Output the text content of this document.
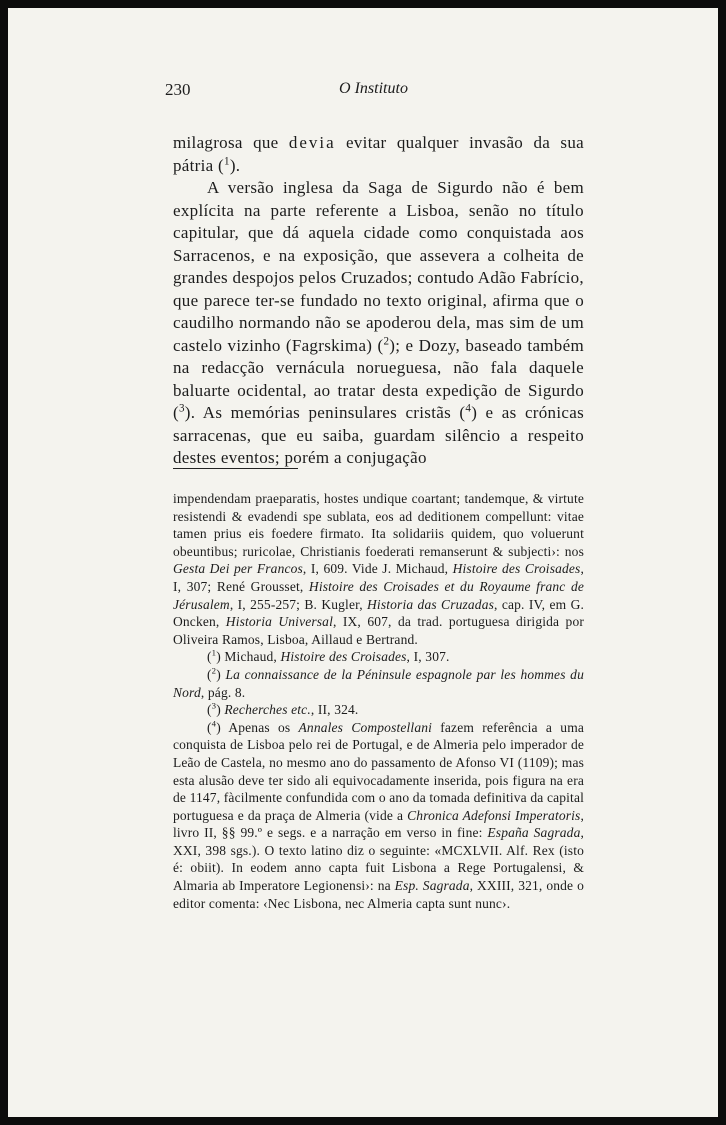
230	O Instituto

milagrosa que devia evitar qualquer invasão da sua pátria ($^1$).

A versão inglesa da Saga de Sigurdo não é bem explícita na parte referente a Lisboa, senão no título capitular, que dá aquela cidade como conquistada aos Sarracenos, e na exposição, que assevera a colheita de grandes despojos pelos Cruzados; contudo Adão Fabrício, que parece ter-se fundado no texto original, afirma que o caudilho normando não se apoderou dela, mas sim de um castelo vizinho (Fagrskima) ($^2$); e Dozy, baseado também na redacção vernácula norueguesa, não fala daquele baluarte ocidental, ao tratar desta expedição de Sigurdo ($^3$). As memórias peninsulares cristãs ($^4$) e as crónicas sarracenas, que eu saiba, guardam silêncio a respeito destes eventos; porém a conjugação

impendendam praeparatis, hostes undique coartant; tandemque, & virtute resistendi & evadendi spe sublata, eos ad deditionem compellunt: vitae tamen prius eis foedere firmato. Ita solidariis quidem, quo voluerunt obeuntibus; ruricolae, Christianis foederati remanserunt & subjecti›: nos Gesta Dei per Francos, I, 609. Vide J. Michaud, Histoire des Croisades, I, 307; René Grousset, Histoire des Croisades et du Royaume franc de Jérusalem, I, 255-257; B. Kugler, Historia das Cruzadas, cap. IV, em G. Oncken, Historia Universal, IX, 607, da trad. portuguesa dirigida por Oliveira Ramos, Lisboa, Aillaud e Bertrand.

($^1$) Michaud, Histoire des Croisades, I, 307.

($^2$) La connaissance de la Péninsule espagnole par les hommes du Nord, pág. 8.

($^3$) Recherches etc., II, 324.

($^4$) Apenas os Annales Compostellani fazem referência a uma conquista de Lisboa pelo rei de Portugal, e de Almeria pelo imperador de Leão de Castela, no mesmo ano do passamento de Afonso VI (1109); mas esta alusão deve ter sido ali equivocadamente inserida, pois figura na era de 1147, fàcilmente confundida com o ano da tomada definitiva da capital portuguesa e da praça de Almeria (vide a Chronica Adefonsi Imperatoris, livro II, §§ 99.º e segs. e a narração em verso in fine: España Sagrada, XXI, 398 sgs.). O texto latino diz o seguinte: «MCXLVII. Alf. Rex (isto é: obiit). In eodem anno capta fuit Lisbona a Rege Portugalensi, & Almaria ab Imperatore Legionensi›: na Esp. Sagrada, XXIII, 321, onde o editor comenta: ‹Nec Lisbona, nec Almeria capta sunt nunc›.
